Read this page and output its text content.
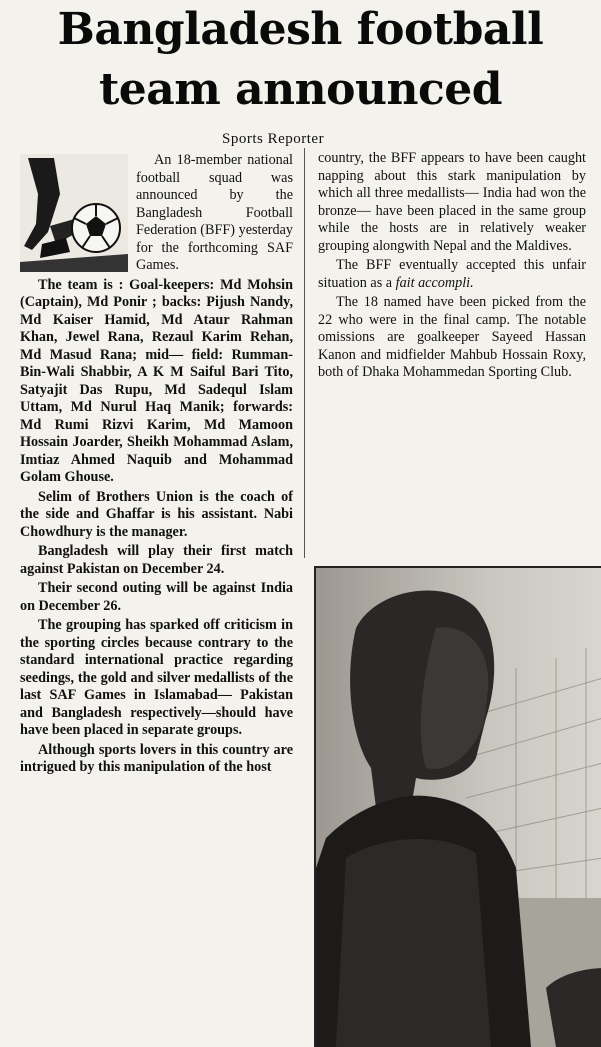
Bangladesh football
team announced
Sports Reporter

An 18-member national football squad was announced by the Bangladesh Football Federation (BFF) yesterday for the forthcoming SAF Games.

The team is : Goal-keepers: Md Mohsin (Captain), Md Ponir ; backs: Pijush Nandy, Md Kaiser Hamid, Md Ataur Rahman Khan, Jewel Rana, Rezaul Karim Rehan, Md Masud Rana; mid— field: Rumman-Bin-Wali Shabbir, A K M Saiful Bari Tito, Satyajit Das Rupu, Md Sadequl Islam Uttam, Md Nurul Haq Manik; forwards: Md Rumi Rizvi Karim, Md Mamoon Hossain Joarder, Sheikh Mohammad Aslam, Imtiaz Ahmed Naquib and Mohammad Golam Ghouse.

Selim of Brothers Union is the coach of the side and Ghaffar is his assistant. Nabi Chowdhury is the manager.

Bangladesh will play their first match against Pakistan on December 24.

Their second outing will be against India on December 26.

The grouping has sparked off criticism in the sporting circles because contrary to the standard international practice regarding seedings, the gold and silver medallists of the last SAF Games in Islamabad— Pakistan and Bangladesh respectively—should have have been placed in separate groups.

Although sports lovers in this country are intrigued by this manipulation of the host

country, the BFF appears to have been caught napping about this stark manipulation by which all three medallists— India had won the bronze— have been placed in the same group while the hosts are in relatively weaker grouping alongwith Nepal and the Maldives.

The BFF eventually accepted this unfair situation as a fait accompli.

The 18 named have been picked from the 22 who were in the final camp. The notable omissions are goalkeeper Sayeed Hassan Kanon and midfielder Mahbub Hossain Roxy, both of Dhaka Mohammedan Sporting Club.
